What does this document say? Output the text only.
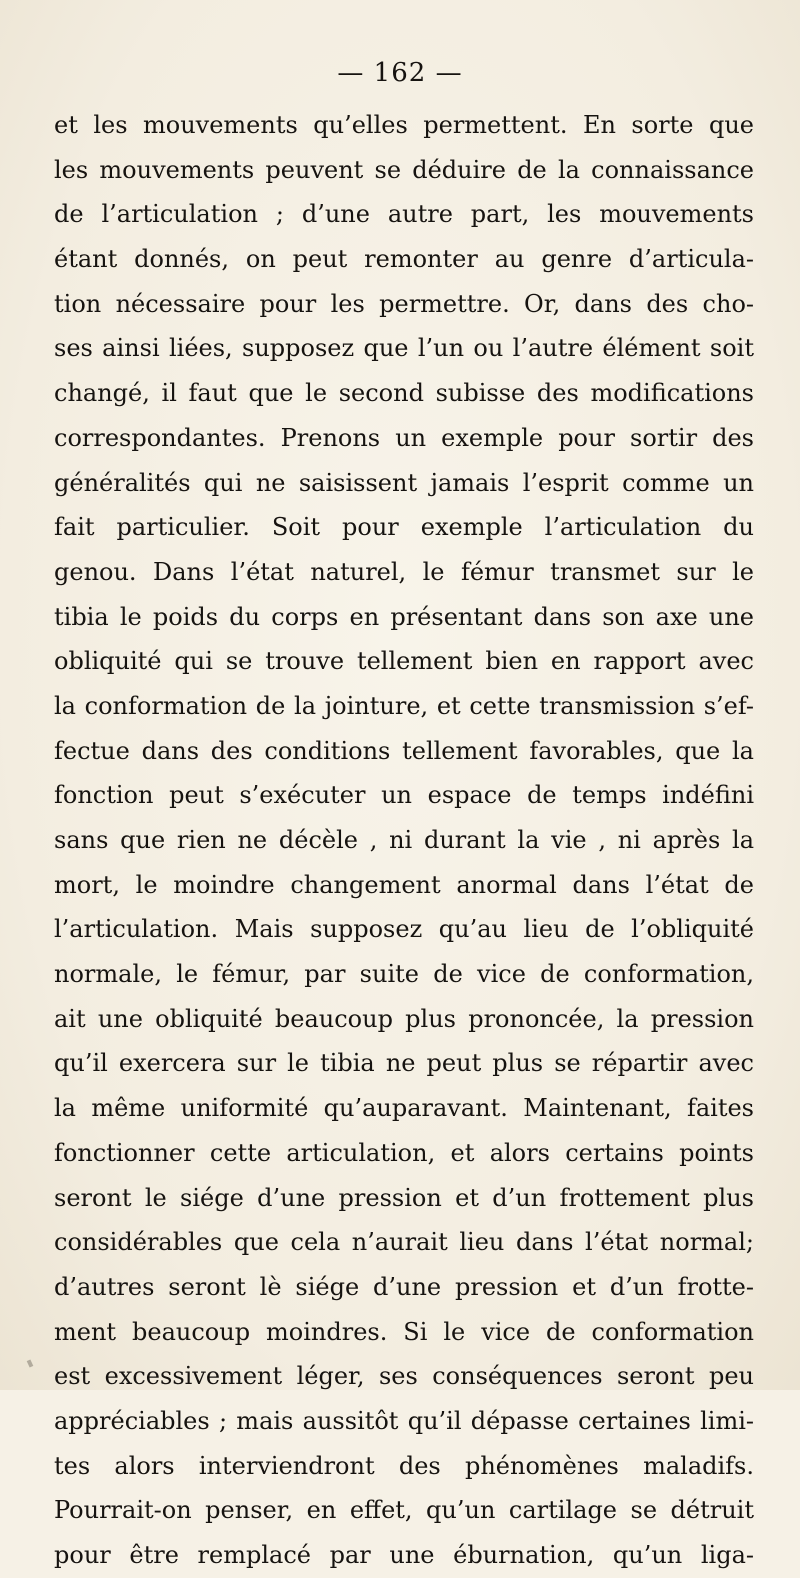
— 162 —
et les mouvements qu’elles permettent. En sorte que
les mouvements peuvent se déduire de la connaissance
de l’articulation ; d’une autre part, les mouvements
étant donnés, on peut remonter au genre d’articula-
tion nécessaire pour les permettre. Or, dans des cho-
ses ainsi liées, supposez que l’un ou l’autre élément soit
changé, il faut que le second subisse des modifications
correspondantes. Prenons un exemple pour sortir des
généralités qui ne saisissent jamais l’esprit comme un
fait particulier. Soit pour exemple l’articulation du
genou. Dans l’état naturel, le fémur transmet sur le
tibia le poids du corps en présentant dans son axe une
obliquité qui se trouve tellement bien en rapport avec
la conformation de la jointure, et cette transmission s’ef-
fectue dans des conditions tellement favorables, que la
fonction peut s’exécuter un espace de temps indéfini
sans que rien ne décèle , ni durant la vie , ni après la
mort, le moindre changement anormal dans l’état de
l’articulation. Mais supposez qu’au lieu de l’obliquité
normale, le fémur, par suite de vice de conformation,
ait une obliquité beaucoup plus prononcée, la pression
qu’il exercera sur le tibia ne peut plus se répartir avec
la même uniformité qu’auparavant. Maintenant, faites
fonctionner cette articulation, et alors certains points
seront le siége d’une pression et d’un frottement plus
considérables que cela n’aurait lieu dans l’état normal;
d’autres seront lè siége d’une pression et d’un frotte-
ment beaucoup moindres. Si le vice de conformation
est excessivement léger, ses conséquences seront peu
appréciables ; mais aussitôt qu’il dépasse certaines limi-
tes alors interviendront des phénomènes maladifs.
Pourrait-on penser, en effet, qu’un cartilage se détruit
pour être remplacé par une éburnation, qu’un liga-
